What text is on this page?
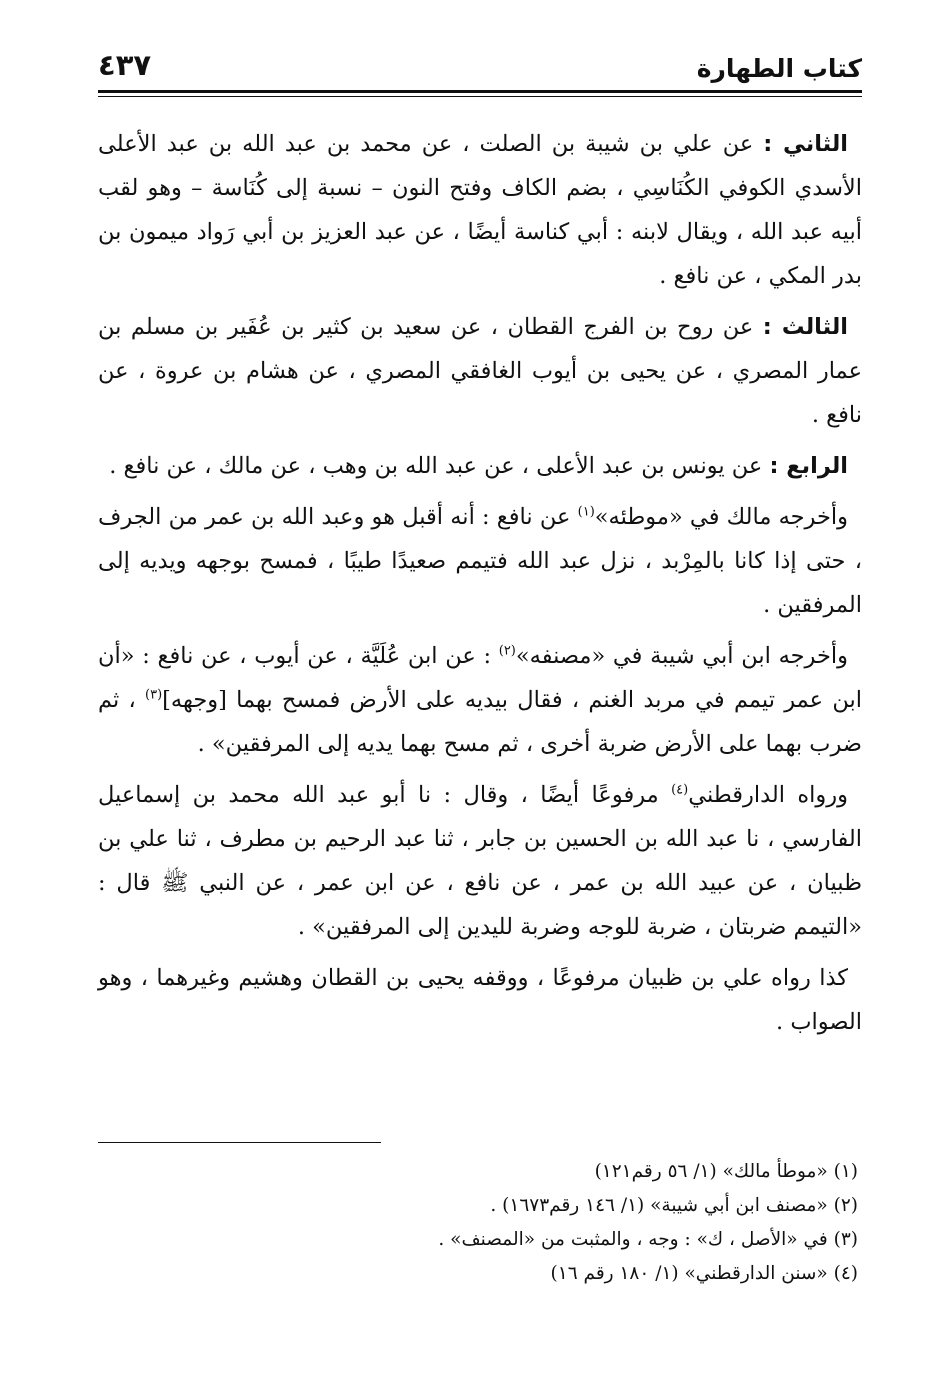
كتاب الطهارة
٤٣٧

الثاني : عن علي بن شيبة بن الصلت ، عن محمد بن عبد الله بن عبد الأعلى الأسدي الكوفي الكُنَاسِي ، بضم الكاف وفتح النون – نسبة إلى كُنَاسة – وهو لقب أبيه عبد الله ، ويقال لابنه : أبي كناسة أيضًا ، عن عبد العزيز بن أبي رَواد ميمون بن بدر المكي ، عن نافع .

الثالث : عن روح بن الفرج القطان ، عن سعيد بن كثير بن عُفَير بن مسلم بن عمار المصري ، عن يحيى بن أيوب الغافقي المصري ، عن هشام بن عروة ، عن نافع .

الرابع : عن يونس بن عبد الأعلى ، عن عبد الله بن وهب ، عن مالك ، عن نافع .

وأخرجه مالك في «موطئه»$^{(١)}$ عن نافع : أنه أقبل هو وعبد الله بن عمر من الجرف ، حتى إذا كانا بالمِرْبد ، نزل عبد الله فتيمم صعيدًا طيبًا ، فمسح بوجهه ويديه إلى المرفقين .

وأخرجه ابن أبي شيبة في «مصنفه»$^{(٢)}$ : عن ابن عُلَيَّة ، عن أيوب ، عن نافع : «أن ابن عمر تيمم في مربد الغنم ، فقال بيديه على الأرض فمسح بهما [وجهه]$^{(٣)}$ ، ثم ضرب بهما على الأرض ضربة أخرى ، ثم مسح بهما يديه إلى المرفقين» .

ورواه الدارقطني$^{(٤)}$ مرفوعًا أيضًا ، وقال : نا أبو عبد الله محمد بن إسماعيل الفارسي ، نا عبد الله بن الحسين بن جابر ، ثنا عبد الرحيم بن مطرف ، ثنا علي بن ظبيان ، عن عبيد الله بن عمر ، عن نافع ، عن ابن عمر ، عن النبي ﷺ قال : «التيمم ضربتان ، ضربة للوجه وضربة لليدين إلى المرفقين» .

كذا رواه علي بن ظبيان مرفوعًا ، ووقفه يحيى بن القطان وهشيم وغيرهما ، وهو الصواب .

(١) «موطأ مالك» (١/ ٥٦ رقم١٢١)
(٢) «مصنف ابن أبي شيبة» (١/ ١٤٦ رقم١٦٧٣) .
(٣) في «الأصل ، ك» : وجه ، والمثبت من «المصنف» .
(٤) «سنن الدارقطني» (١/ ١٨٠ رقم ١٦)
